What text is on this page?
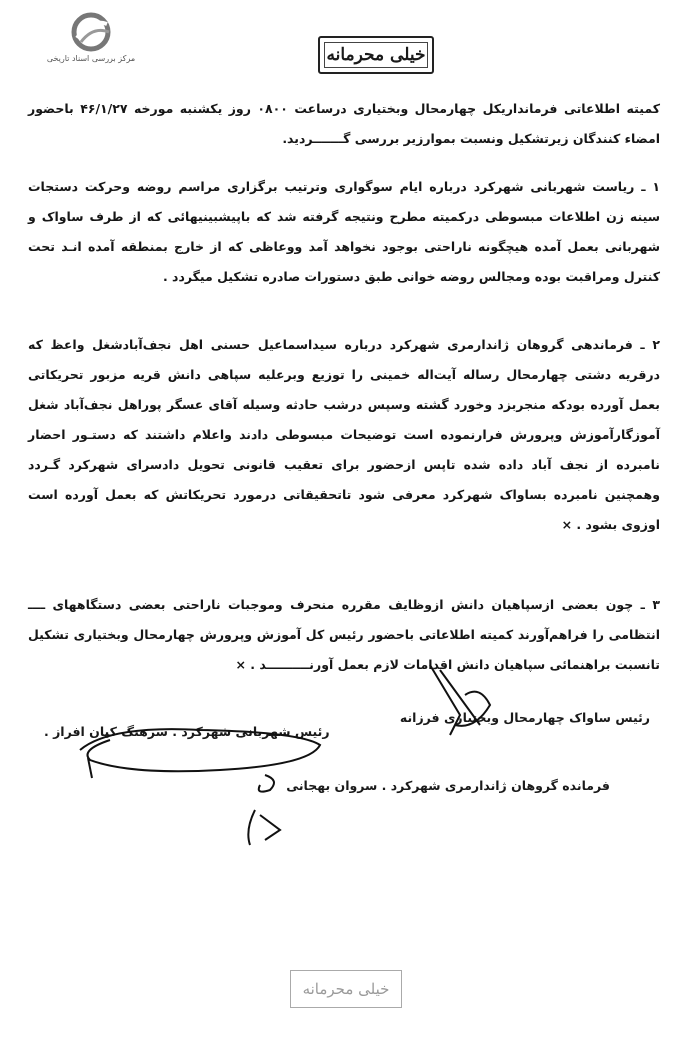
مرکز بررسی اسناد تاریخی	خیلی محرمانه
کمیته اطلاعاتی فرمانداریکل چهارمحال وبختیاری درساعت ۰۸۰۰ روز یکشنبه مورخه ۴۶/۱/۲۷ باحضور امضاء کنندگان زیرتشکیل ونسبت بموارزیر بررسی گـــــــردید.
۱ ـ ریاست شهربانی شهرکرد درباره ایام سوگواری وترتیب برگزاری مراسم روضه وحرکت دستجات سینه زن اطلاعات مبسوطی درکمیته مطرح ونتیجه گرفته شد که باپیشبینیهائی که از طرف ساواک و شهربانی بعمل آمده هیچگونه ناراحتی بوجود نخواهد آمد ووعاظی که از خارج بمنطقه آمده انـد تحت کنترل ومراقبت بوده ومجالس روضه خوانی طبق دستورات صادره تشکیل میگردد .
۲ ـ فرماندهی گروهان ژاندارمری شهرکرد درباره سیداسماعیل حسنی اهل نجف‌آبادشغل واعظ که درقریه دشتی چهارمحال رساله آیت‌اله خمینی را توزیع وبرعلیه سپاهی دانش قریه مزبور تحریکاتی بعمل آورده بودکه منجربزد وخورد گشته وسپس درشب حادثه وسیله آقای عسگر پوراهل نجف‌آباد شغل آموزگارآموزش وپرورش فرارنموده است توضیحات مبسوطی دادند واعلام داشتند که دستـور احضار نامبرده از نجف آباد داده شده تاپس ازحضور برای تعقیب قانونی تحویل دادسرای شهرکرد گـردد وهمچنین نامبرده بساواک شهرکرد معرفی شود تاتحقیقاتی درمورد تحریکاتش که بعمل آورده است اوزوی بشود . ×
۳ ـ چون بعضی ازسپاهیان دانش ازوظایف مقرره منحرف وموجبات ناراحتی بعضی دستگاههای ــــ انتظامی را فراهم‌آورند کمیته اطلاعاتی باحضور رئیس کل آموزش وپرورش چهارمحال وبختیاری تشکیل تانسبت براهنمائی سپاهیان دانش اقدامات لازم بعمل آورنــــــــــد . ×
رئیس ساواک چهارمحال وبختیاری فرزانه
رئیس شهربانی شهرکرد . سرهنگ کیان افراز .
فرمانده گروهان ژاندارمری شهرکرد . سروان بهجانی
خیلی محرمانه
